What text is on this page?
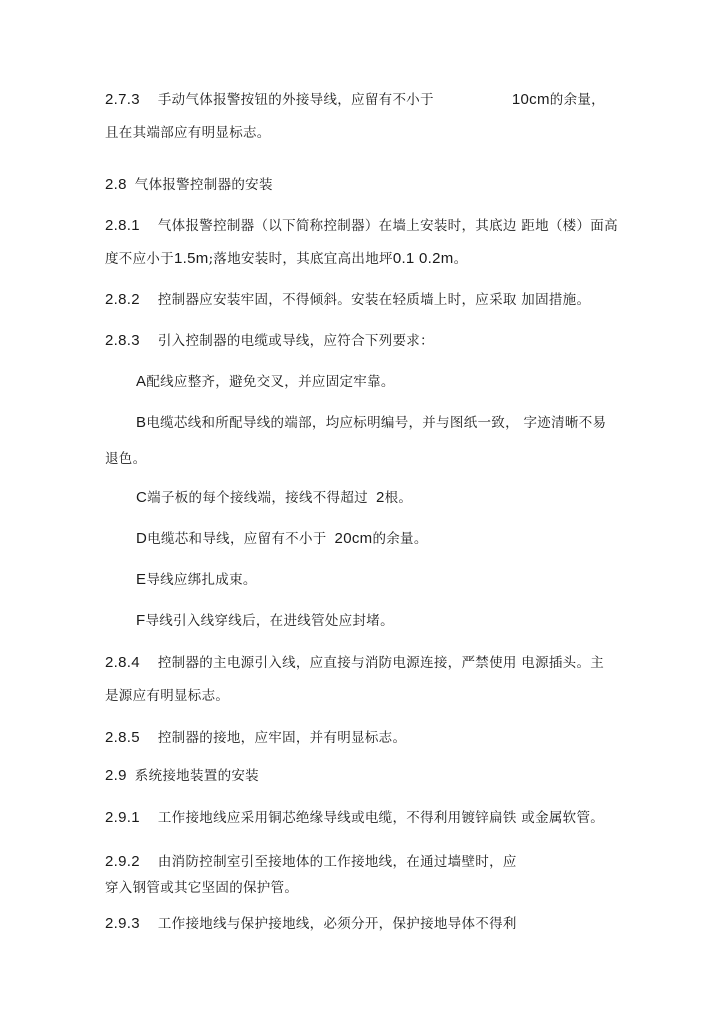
2.7.3 手动气体报警按钮的外接导线，应留有不小于	10cm的余量，
且在其端部应有明显标志。
2.8 气体报警控制器的安装
2.8.1 气体报警控制器（以下简称控制器）在墙上安装时，其底边 距地（楼）面高
度不应小于1.5m;落地安装时，其底宜高出地坪0.1 0.2m。
2.8.2 控制器应安装牢固，不得倾斜。安装在轻质墙上时，应采取 加固措施。
2.8.3 引入控制器的电缆或导线，应符合下列要求：
A配线应整齐，避免交叉，并应固定牢靠。
B电缆芯线和所配导线的端部，均应标明编号，并与图纸一致， 字迹清晰不易
退色。
C端子板的每个接线端，接线不得超过 2根。
D电缆芯和导线，应留有不小于 20cm的余量。
E导线应绑扎成束。
F导线引入线穿线后，在进线管处应封堵。
2.8.4 控制器的主电源引入线，应直接与消防电源连接，严禁使用 电源插头。主
是源应有明显标志。
2.8.5 控制器的接地，应牢固，并有明显标志。
2.9 系统接地装置的安装
2.9.1 工作接地线应采用铜芯绝缘导线或电缆，不得利用镀锌扁铁 或金属软管。
2.9.2 由消防控制室引至接地体的工作接地线，在通过墙壁时，应
穿入钢管或其它坚固的保护管。
2.9.3 工作接地线与保护接地线，必须分开，保护接地导体不得利
